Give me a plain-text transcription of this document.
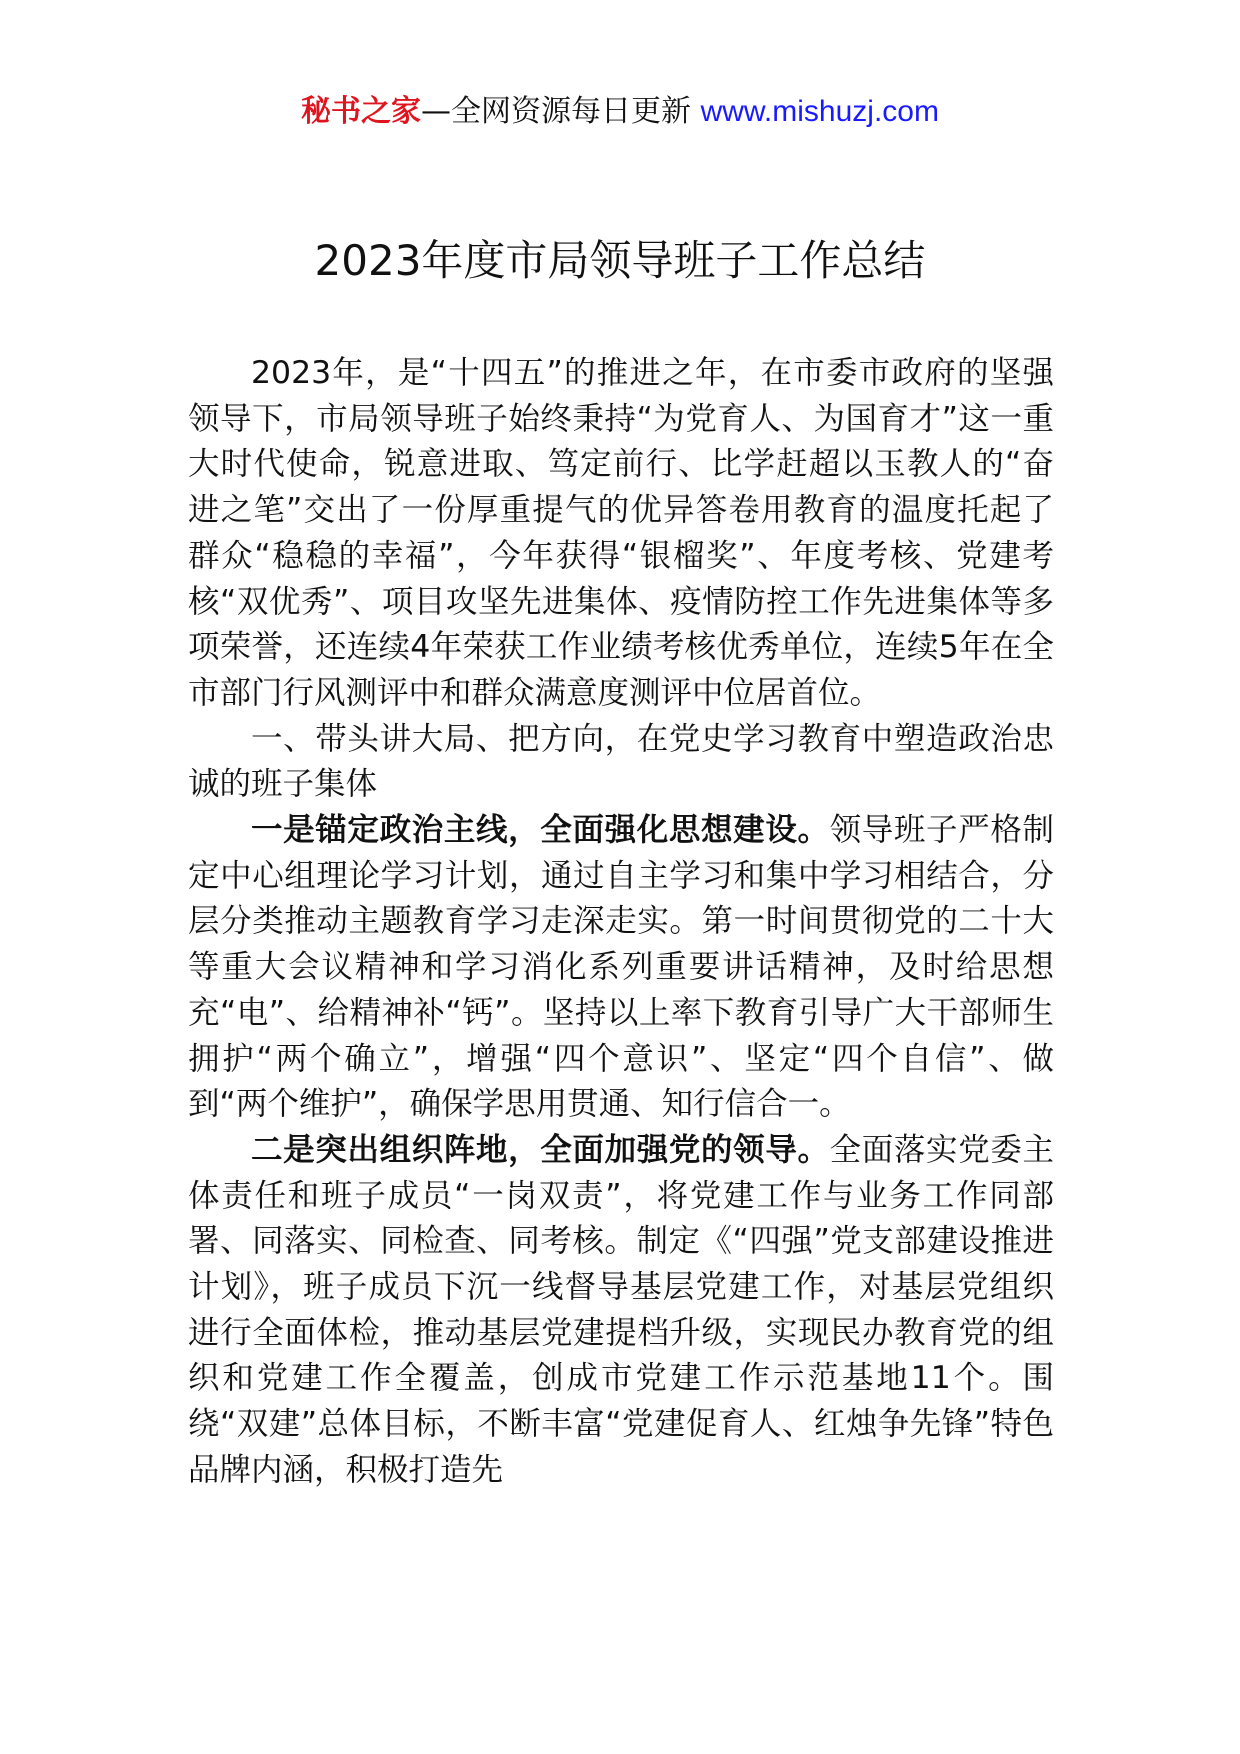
秘书之家—全网资源每日更新 www.mishuzj.com
2023年度市局领导班子工作总结

2023年，是“十四五”的推进之年，在市委市政府的坚强领导下，市局领导班子始终秉持“为党育人、为国育才”这一重大时代使命，锐意进取、笃定前行、比学赶超以玉教人的“奋进之笔”交出了一份厚重提气的优异答卷用教育的温度托起了群众“稳稳的幸福”，今年获得“银榴奖”、年度考核、党建考核“双优秀”、项目攻坚先进集体、疫情防控工作先进集体等多项荣誉，还连续4年荣获工作业绩考核优秀单位，连续5年在全市部门行风测评中和群众满意度测评中位居首位。

一、带头讲大局、把方向，在党史学习教育中塑造政治忠诚的班子集体

一是锚定政治主线，全面强化思想建设。领导班子严格制定中心组理论学习计划，通过自主学习和集中学习相结合，分层分类推动主题教育学习走深走实。第一时间贯彻党的二十大等重大会议精神和学习消化系列重要讲话精神，及时给思想充“电”、给精神补“钙”。坚持以上率下教育引导广大干部师生拥护“两个确立”，增强“四个意识”、坚定“四个自信”、做到“两个维护”，确保学思用贯通、知行信合一。

二是突出组织阵地，全面加强党的领导。全面落实党委主体责任和班子成员“一岗双责”，将党建工作与业务工作同部署、同落实、同检查、同考核。制定《“四强”党支部建设推进计划》，班子成员下沉一线督导基层党建工作，对基层党组织进行全面体检，推动基层党建提档升级，实现民办教育党的组织和党建工作全覆盖，创成市党建工作示范基地11个。围绕“双建”总体目标，不断丰富“党建促育人、红烛争先锋”特色品牌内涵，积极打造先
